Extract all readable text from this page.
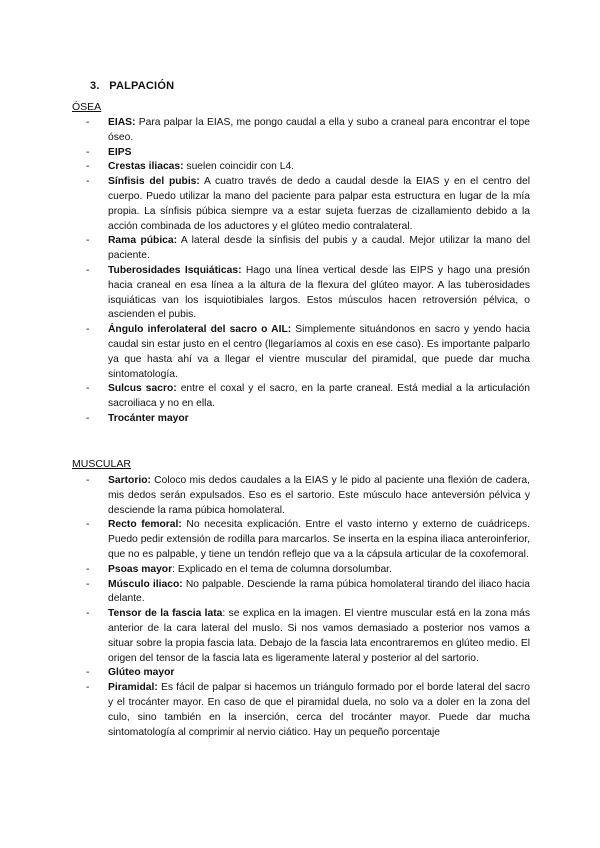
3. PALPACIÓN
ÓSEA
- EIAS: Para palpar la EIAS, me pongo caudal a ella y subo a craneal para encontrar el tope óseo.
- EIPS
- Crestas iliacas: suelen coincidir con L4.
- Sínfisis del pubis: A cuatro través de dedo a caudal desde la EIAS y en el centro del cuerpo. Puedo utilizar la mano del paciente para palpar esta estructura en lugar de la mía propia. La sínfisis púbica siempre va a estar sujeta fuerzas de cizallamiento debido a la acción combinada de los aductores y el glúteo medio contralateral.
- Rama púbica: A lateral desde la sínfisis del pubis y a caudal. Mejor utilizar la mano del paciente.
- Tuberosidades Isquiáticas: Hago una línea vertical desde las EIPS y hago una presión hacia craneal en esa línea a la altura de la flexura del glúteo mayor. A las tuberosidades isquiáticas van los isquiotibiales largos. Estos músculos hacen retroversión pélvica, o ascienden el pubis.
- Ángulo inferolateral del sacro o AIL: Simplemente situándonos en sacro y yendo hacia caudal sin estar justo en el centro (llegaríamos al coxis en ese caso). Es importante palparlo ya que hasta ahí va a llegar el vientre muscular del piramidal, que puede dar mucha sintomatología.
- Sulcus sacro: entre el coxal y el sacro, en la parte craneal. Está medial a la articulación sacroiliaca y no en ella.
- Trocánter mayor
MUSCULAR
- Sartorio: Coloco mis dedos caudales a la EIAS y le pido al paciente una flexión de cadera, mis dedos serán expulsados. Eso es el sartorio. Este músculo hace anteversión pélvica y desciende la rama púbica homolateral.
- Recto femoral: No necesita explicación. Entre el vasto interno y externo de cuádriceps. Puedo pedir extensión de rodilla para marcarlos. Se inserta en la espina iliaca anteroinferior, que no es palpable, y tiene un tendón reflejo que va a la cápsula articular de la coxofemoral.
- Psoas mayor: Explicado en el tema de columna dorsolumbar.
- Músculo iliaco: No palpable. Desciende la rama púbica homolateral tirando del iliaco hacia delante.
- Tensor de la fascia lata: se explica en la imagen. El vientre muscular está en la zona más anterior de la cara lateral del muslo. Si nos vamos demasiado a posterior nos vamos a situar sobre la propia fascia lata. Debajo de la fascia lata encontraremos en glúteo medio. El origen del tensor de la fascia lata es ligeramente lateral y posterior al del sartorio.
- Glúteo mayor
- Piramidal: Es fácil de palpar si hacemos un triángulo formado por el borde lateral del sacro y el trocánter mayor. En caso de que el piramidal duela, no solo va a doler en la zona del culo, sino también en la inserción, cerca del trocánter mayor. Puede dar mucha sintomatología al comprimir al nervio ciático. Hay un pequeño porcentaje
